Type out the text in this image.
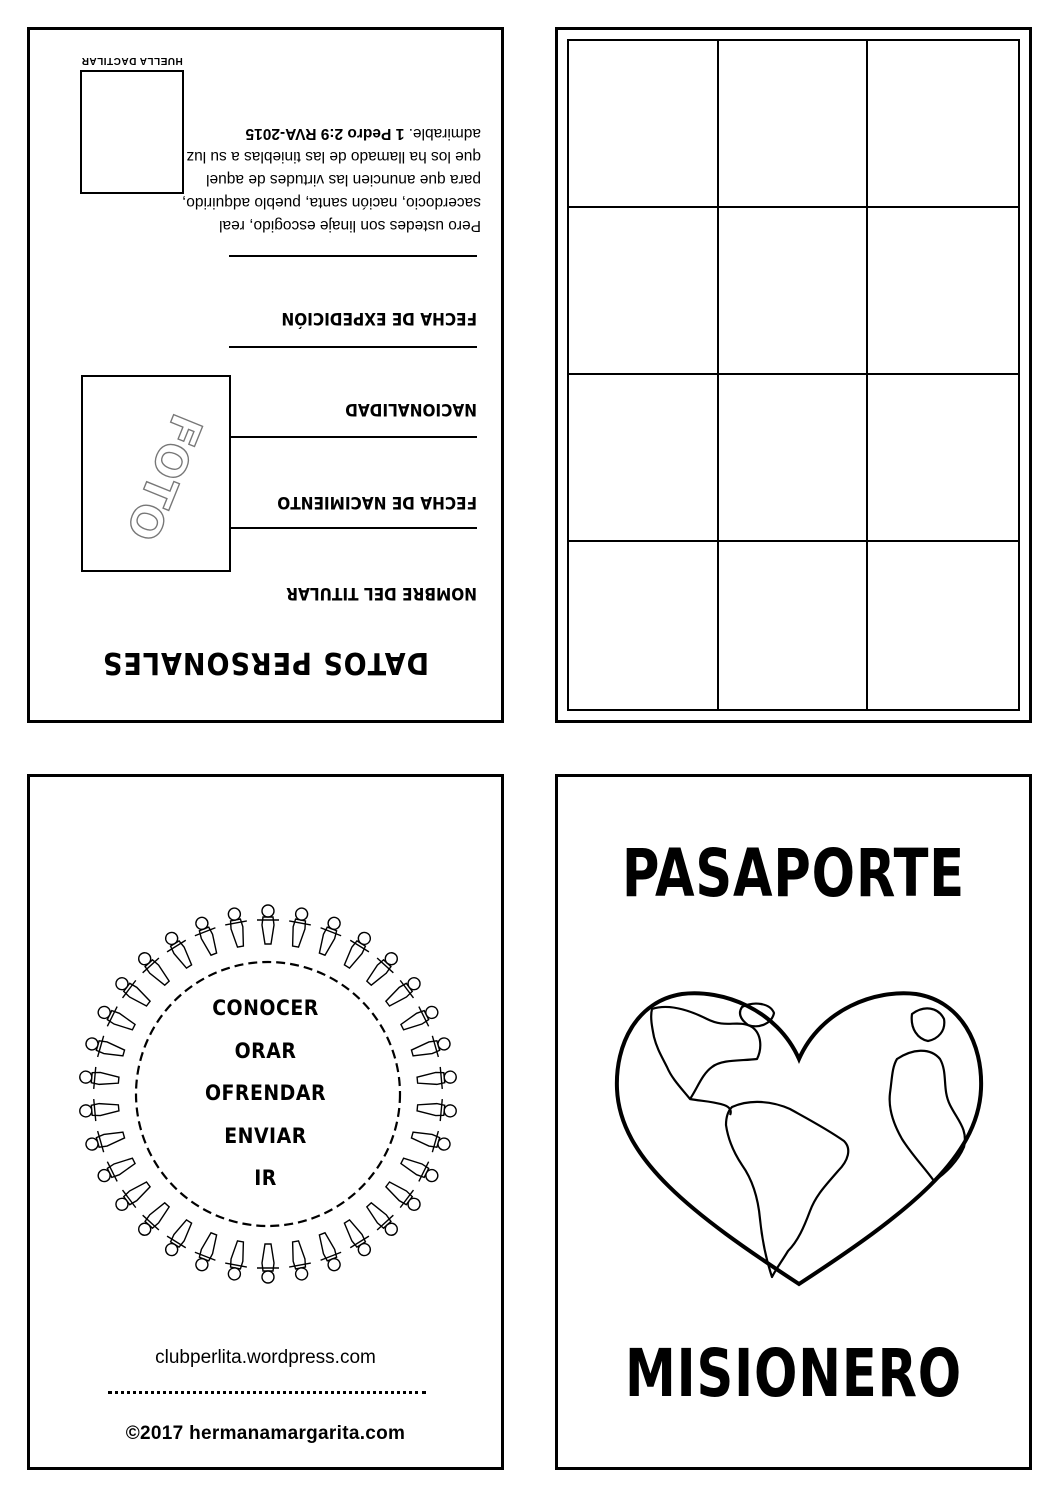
DATOS PERSONALES
NOMBRE DEL TITULAR
FECHA DE NACIMIENTO
NACIONALIDAD
FECHA DE EXPEDICIÓN
FOTO
Pero ustedes son linaje escogido, real
sacerdocio, nación santa, pueblo adquirido,
para que anuncien las virtudes de aquel
que los ha llamado de las tinieblas a su luz
admirable. 1 Pedro 2:9 RVA-2015
HUELLA DACTILAR
CONOCER
ORAR
OFRENDAR
ENVIAR
IR
clubperlita.wordpress.com
©2017 hermanamargarita.com
PASAPORTE
MISIONERO
